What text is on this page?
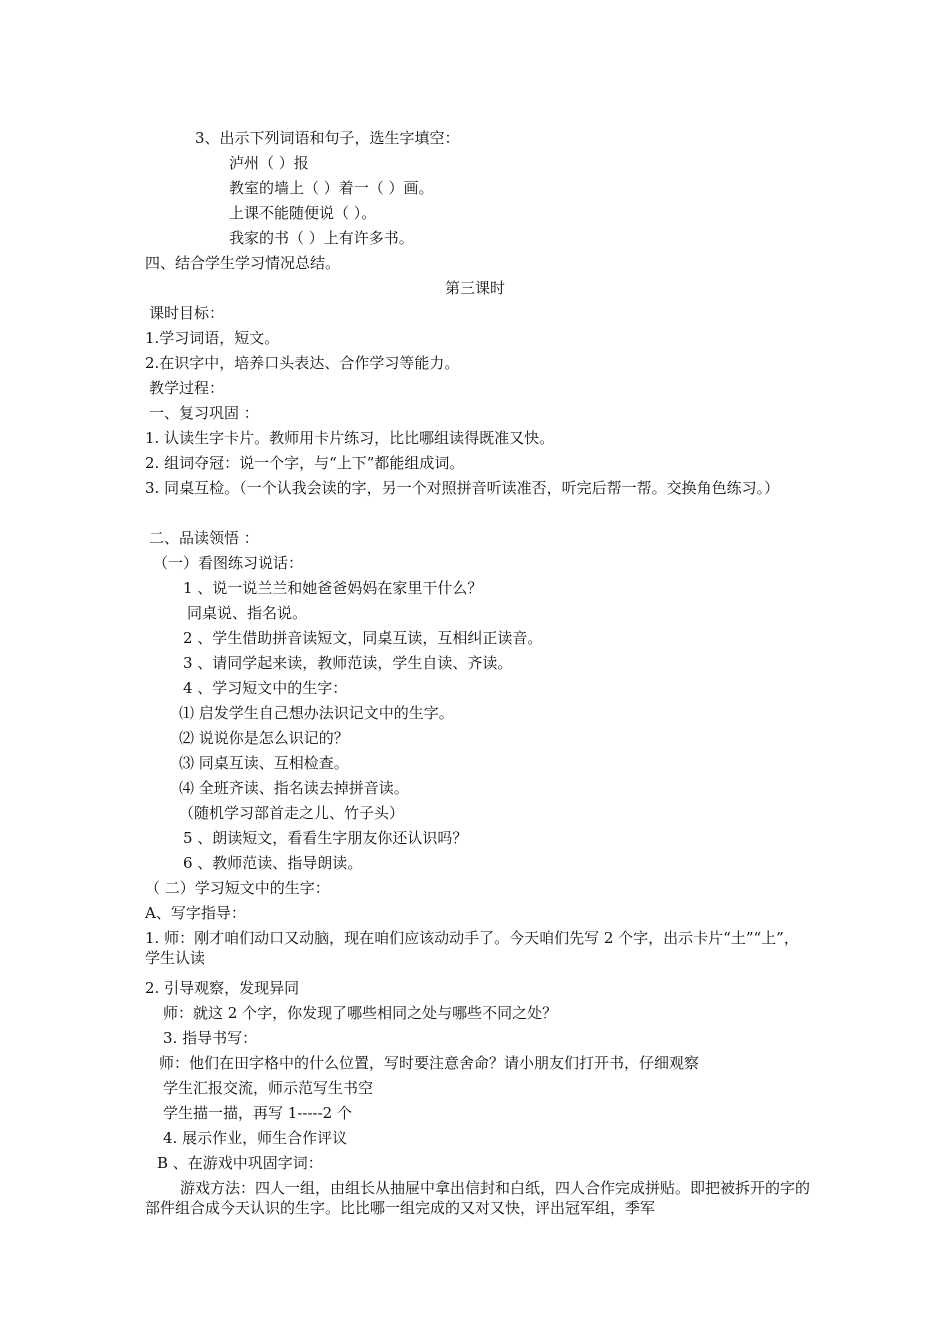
3、出示下列词语和句子，选生字填空：
泸州（ ）报
教室的墙上（ ）着一（ ）画。
上课不能随便说（ ）。
我家的书（ ）上有许多书。
四、结合学生学习情况总结。
第三课时
课时目标：
1.学习词语，短文。
2.在识字中，培养口头表达、合作学习等能力。
教学过程：
一、复习巩固 ：
1. 认读生字卡片。教师用卡片练习，比比哪组读得既准又快。
2. 组词夺冠：说一个字，与“上下”都能组成词。
3. 同桌互检。（一个认我会读的字，另一个对照拼音听读准否，听完后帮一帮。交换角色练习。）
二、品读领悟 ：
（一）看图练习说话：
1 、说一说兰兰和她爸爸妈妈在家里干什么？
同桌说、指名说。
2 、学生借助拼音读短文，同桌互读，互相纠正读音。
3 、请同学起来读，教师范读，学生自读、齐读。
4 、学习短文中的生字：
⑴ 启发学生自己想办法识记文中的生字。
⑵ 说说你是怎么识记的？
⑶ 同桌互读、互相检查。
⑷ 全班齐读、指名读去掉拼音读。
（随机学习部首走之儿、竹子头）
5 、朗读短文，看看生字朋友你还认识吗？
6 、教师范读、指导朗读。
（ 二）学习短文中的生字：
A、写字指导：
1. 师：刚才咱们动口又动脑，现在咱们应该动动手了。今天咱们先写 2 个字，出示卡片“土”“上”，学生认读
2. 引导观察，发现异同
师：就这 2 个字，你发现了哪些相同之处与哪些不同之处？
3. 指导书写：
师：他们在田字格中的什么位置，写时要注意舍命？请小朋友们打开书，仔细观察
学生汇报交流，师示范写生书空
学生描一描，再写 1-----2 个
4. 展示作业，师生合作评议
B 、在游戏中巩固字词：
游戏方法：四人一组，由组长从抽屉中拿出信封和白纸，四人合作完成拼贴。即把被拆开的字的部件组合成今天认识的生字。比比哪一组完成的又对又快，评出冠军组，季军
